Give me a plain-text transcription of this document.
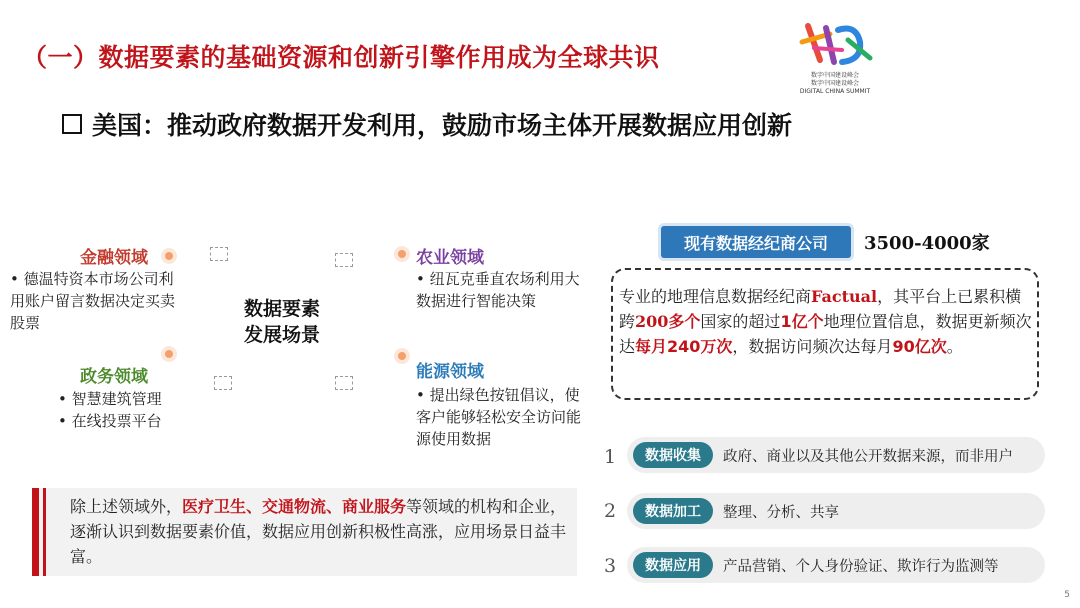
（一）数据要素的基础资源和创新引擎作用成为全球共识
美国：推动政府数据开发利用，鼓励市场主体开展数据应用创新
数字中国建设峰会
数字中国建设峰会
DIGITAL CHINA SUMMIT
数据要素
发展场景
金融领域
• 德温特资本市场公司利用账户留言数据决定买卖股票
政务领域
• 智慧建筑管理
• 在线投票平台
农业领域
• 纽瓦克垂直农场利用大数据进行智能决策
能源领域
• 提出绿色按钮倡议，使客户能够轻松安全访问能源使用数据
除上述领域外，医疗卫生、交通物流、商业服务等领域的机构和企业，逐渐认识到数据要素价值，数据应用创新积极性高涨，应用场景日益丰富。
现有数据经纪商公司	3500-4000家
专业的地理信息数据经纪商Factual，其平台上已累积横跨200多个国家的超过1亿个地理位置信息，数据更新频次达每月240万次，数据访问频次达每月90亿次。
1	数据收集	政府、商业以及其他公开数据来源，而非用户
2	数据加工	整理、分析、共享
3	数据应用	产品营销、个人身份验证、欺诈行为监测等
5
